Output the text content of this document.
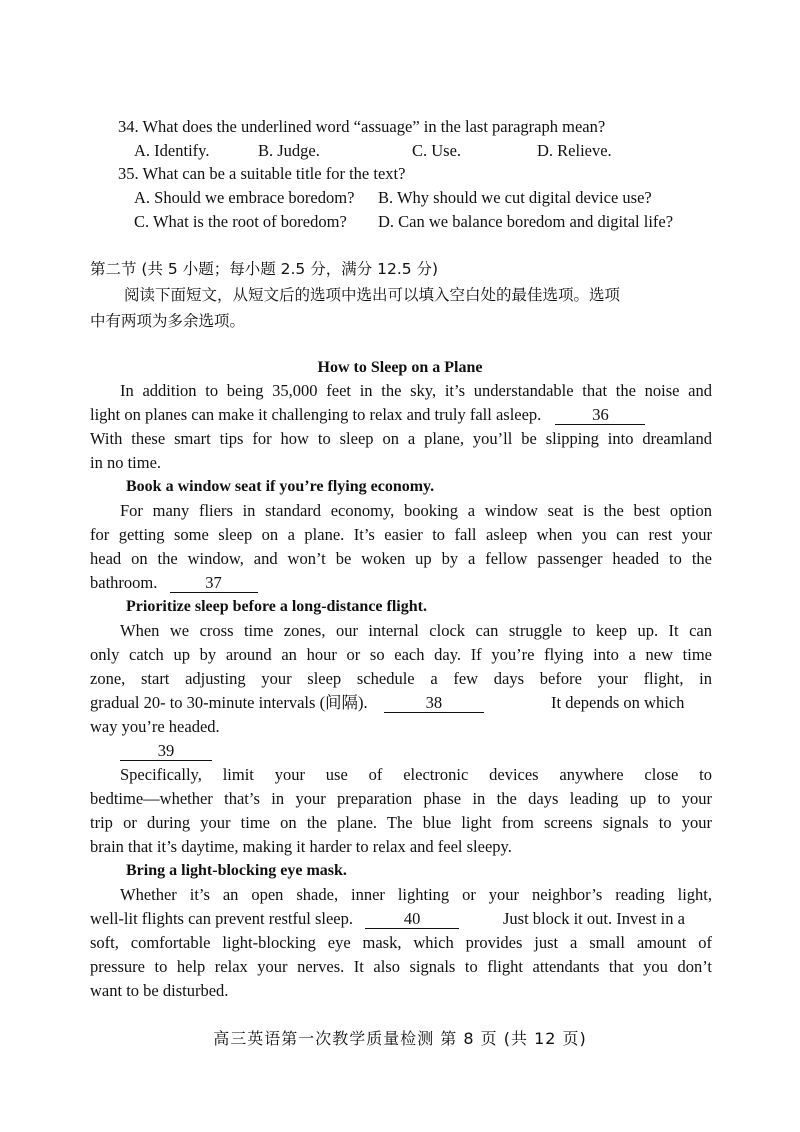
34. What does the underlined word “assuage” in the last paragraph mean?
A. Identify.	B. Judge.	C. Use.	D. Relieve.
35. What can be a suitable title for the text?
A. Should we embrace boredom? B. Why should we cut digital device use?
C. What is the root of boredom? D. Can we balance boredom and digital life?
第二节 (共 5 小题；每小题 2.5 分，满分 12.5 分)
阅读下面短文，从短文后的选项中选出可以填入空白处的最佳选项。选项
中有两项为多余选项。
How to Sleep on a Plane
In addition to being 35,000 feet in the sky, it’s understandable that the noise and
light on planes can make it challenging to relax and truly fall asleep.	36
With these smart tips for how to sleep on a plane, you’ll be slipping into dreamland
in no time.
Book a window seat if you’re flying economy.
For many fliers in standard economy, booking a window seat is the best option
for getting some sleep on a plane. It’s easier to fall asleep when you can rest your
head on the window, and won’t be woken up by a fellow passenger headed to the
bathroom.	37
Prioritize sleep before a long-distance flight.
When we cross time zones, our internal clock can struggle to keep up. It can
only catch up by around an hour or so each day. If you’re flying into a new time
zone, start adjusting your sleep schedule a few days before your flight, in
gradual 20- to 30-minute intervals (间隔).	38	It depends on which
way you’re headed.
39
Specifically, limit your use of electronic devices anywhere close to
bedtime—whether that’s in your preparation phase in the days leading up to your
trip or during your time on the plane. The blue light from screens signals to your
brain that it’s daytime, making it harder to relax and feel sleepy.
Bring a light-blocking eye mask.
Whether it’s an open shade, inner lighting or your neighbor’s reading light,
well-lit flights can prevent restful sleep.	40	Just block it out. Invest in a
soft, comfortable light-blocking eye mask, which provides just a small amount of
pressure to help relax your nerves. It also signals to flight attendants that you don’t
want to be disturbed.
高三英语第一次教学质量检测 第 8 页 (共 12 页)
